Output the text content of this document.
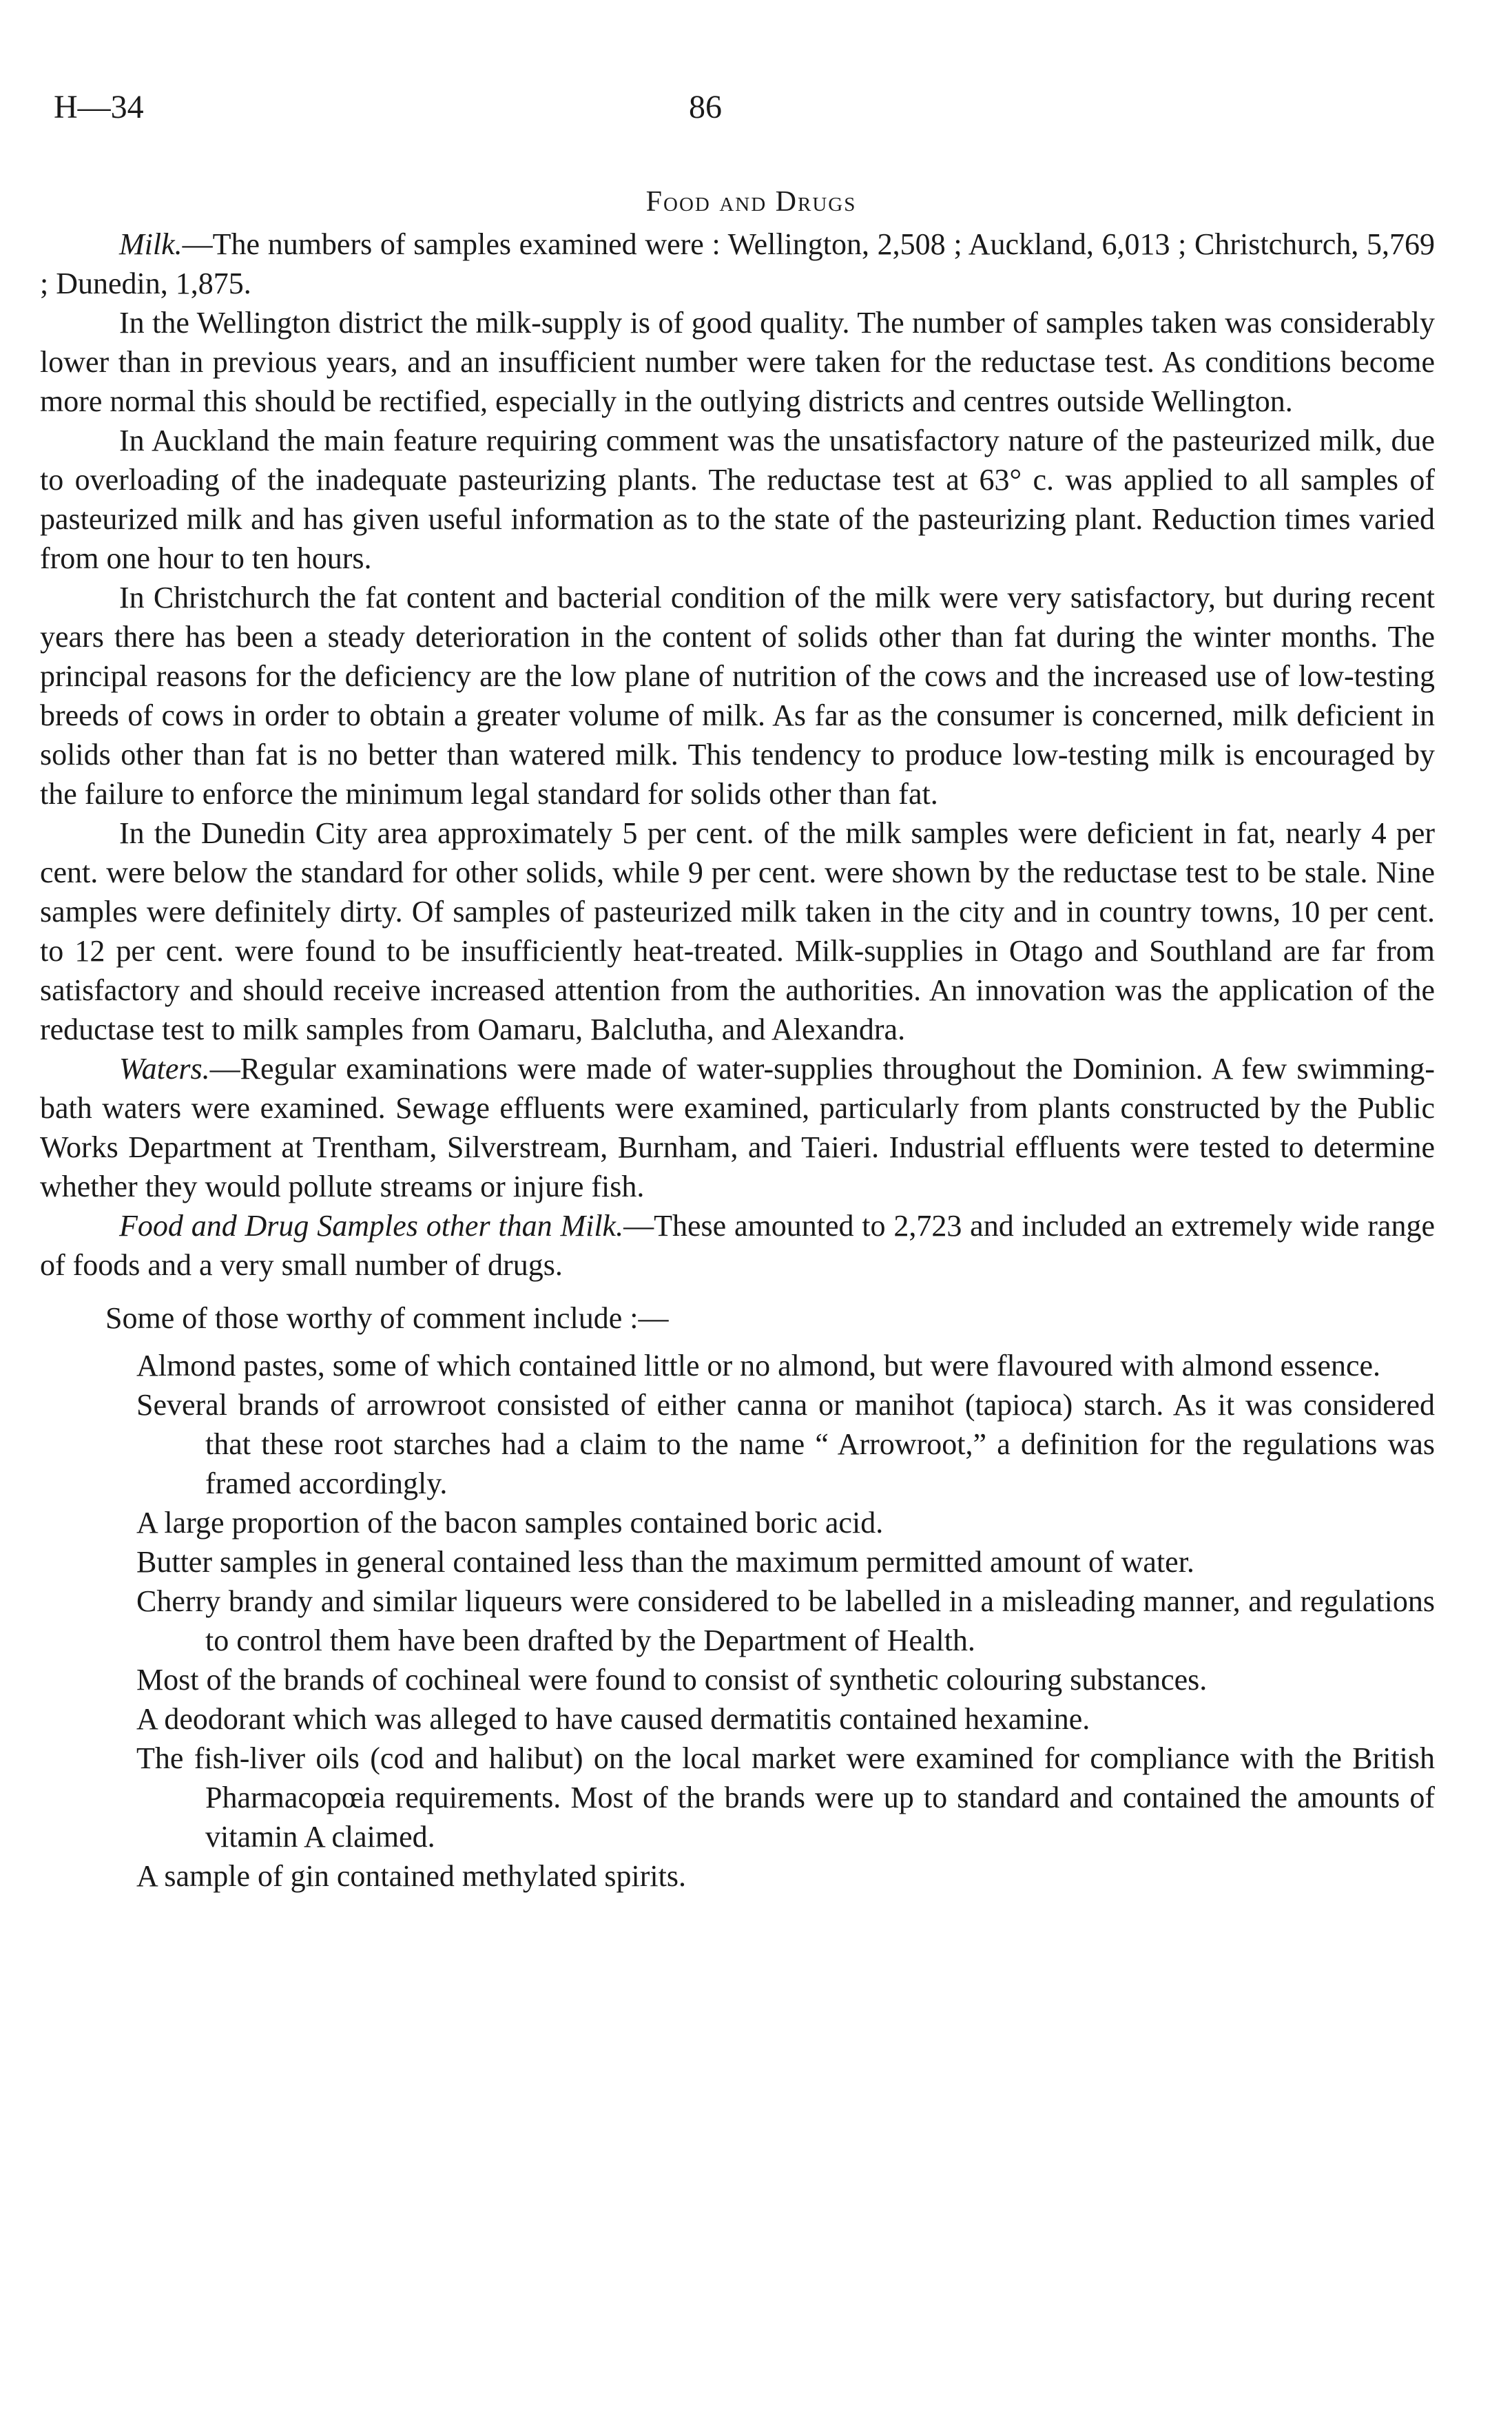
H—34	86
Food and Drugs

Milk.—The numbers of samples examined were : Wellington, 2,508 ; Auckland, 6,013 ; Christchurch, 5,769 ; Dunedin, 1,875.

In the Wellington district the milk-supply is of good quality. The number of samples taken was considerably lower than in previous years, and an insufficient number were taken for the reductase test. As conditions become more normal this should be rectified, especially in the outlying districts and centres outside Wellington.

In Auckland the main feature requiring comment was the unsatisfactory nature of the pasteurized milk, due to overloading of the inadequate pasteurizing plants. The reductase test at 63° c. was applied to all samples of pasteurized milk and has given useful information as to the state of the pasteurizing plant. Reduction times varied from one hour to ten hours.

In Christchurch the fat content and bacterial condition of the milk were very satisfactory, but during recent years there has been a steady deterioration in the content of solids other than fat during the winter months. The principal reasons for the deficiency are the low plane of nutrition of the cows and the increased use of low-testing breeds of cows in order to obtain a greater volume of milk. As far as the consumer is concerned, milk deficient in solids other than fat is no better than watered milk. This tendency to produce low-testing milk is encouraged by the failure to enforce the minimum legal standard for solids other than fat.

In the Dunedin City area approximately 5 per cent. of the milk samples were deficient in fat, nearly 4 per cent. were below the standard for other solids, while 9 per cent. were shown by the reductase test to be stale. Nine samples were definitely dirty. Of samples of pasteurized milk taken in the city and in country towns, 10 per cent. to 12 per cent. were found to be insufficiently heat-treated. Milk-supplies in Otago and Southland are far from satisfactory and should receive increased attention from the authorities. An innovation was the application of the reductase test to milk samples from Oamaru, Balclutha, and Alexandra.

Waters.—Regular examinations were made of water-supplies throughout the Dominion. A few swimming-bath waters were examined. Sewage effluents were examined, particularly from plants constructed by the Public Works Department at Trentham, Silverstream, Burnham, and Taieri. Industrial effluents were tested to determine whether they would pollute streams or injure fish.

Food and Drug Samples other than Milk.—These amounted to 2,723 and included an extremely wide range of foods and a very small number of drugs.

Some of those worthy of comment include :—

Almond pastes, some of which contained little or no almond, but were flavoured with almond essence.
Several brands of arrowroot consisted of either canna or manihot (tapioca) starch. As it was considered that these root starches had a claim to the name “ Arrowroot,” a definition for the regulations was framed accordingly.
A large proportion of the bacon samples contained boric acid.
Butter samples in general contained less than the maximum permitted amount of water.
Cherry brandy and similar liqueurs were considered to be labelled in a misleading manner, and regulations to control them have been drafted by the Department of Health.
Most of the brands of cochineal were found to consist of synthetic colouring substances.
A deodorant which was alleged to have caused dermatitis contained hexamine.
The fish-liver oils (cod and halibut) on the local market were examined for compliance with the British Pharmacopœia requirements. Most of the brands were up to standard and contained the amounts of vitamin A claimed.
A sample of gin contained methylated spirits.
